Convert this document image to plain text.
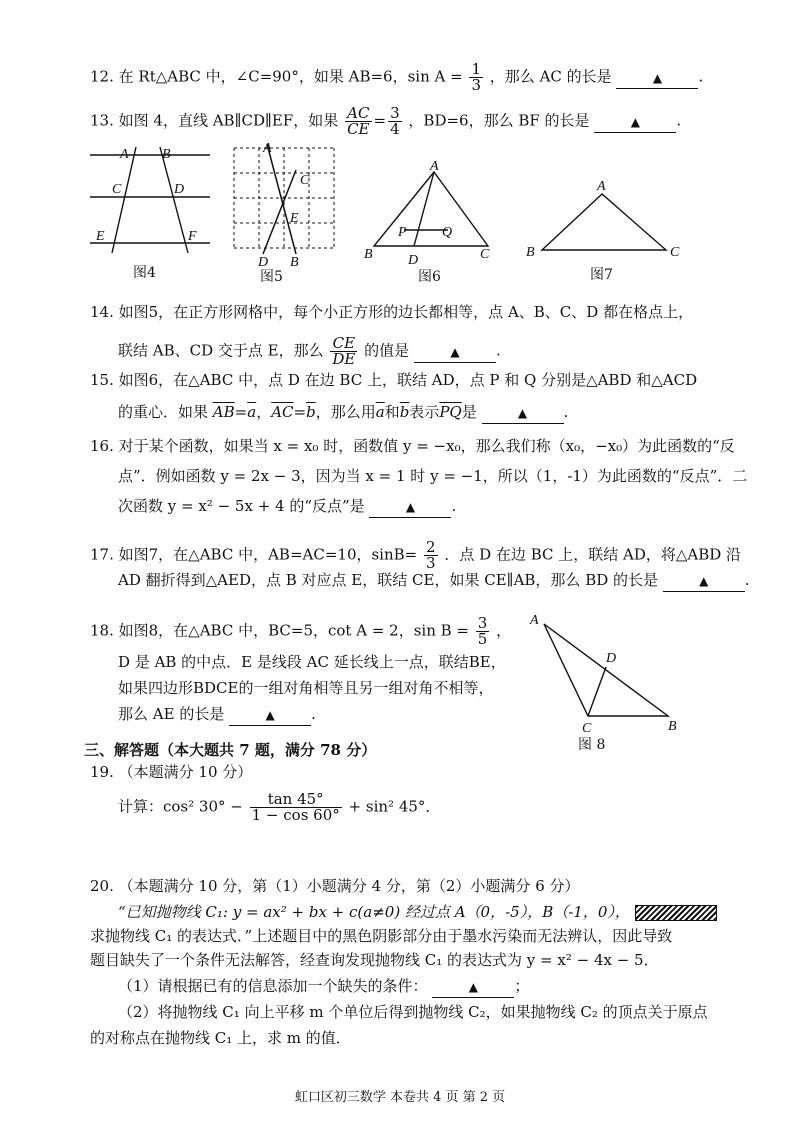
12. 在 Rt△ABC 中，∠C=90°，如果 AB=6，$\sin A = \frac{1}{3}$ ，那么 AC 的长是	▲ .
13. 如图 4，直线 AB∥CD∥EF，如果 $\frac{AC}{CE} = \frac{3}{4}$ ，BD=6，那么 BF 的长是	▲ .
A B
C	D
E	F
图4
A
C
E
D B
图5
A
P	Q
B	D	C
图6
A
B	C
图7
14. 如图5，在正方形网格中，每个小正方形的边长都相等，点 A、B、C、D 都在格点上，
联结 AB、CD 交于点 E，那么 $\frac{CE}{DE}$ 的值是	▲ .
15. 如图6，在△ABC 中，点 D 在边 BC 上，联结 AD，点 P 和 Q 分别是△ABD 和△ACD
的重心．如果 $\overline{AB}=\overline{a}$，$\overline{AC}=\overline{b}$，那么用$\overline{a}$和$\overline{b}$表示$\overline{PQ}$是	▲ .
16. 对于某个函数，如果当 x = x₀ 时，函数值 y = −x₀，那么我们称（x₀，−x₀）为此函数的“反
点”．例如函数 y = 2x − 3，因为当 x = 1 时 y = −1，所以（1，-1）为此函数的“反点”．二
次函数 y = x² − 5x + 4 的“反点”是	▲ .
17. 如图7，在△ABC 中，AB=AC=10，$\sin B= \frac{2}{3}$ ．点 D 在边 BC 上，联结 AD，将△ABD 沿
AD 翻折得到△AED，点 B 对应点 E，联结 CE，如果 CE∥AB，那么 BD 的长是	▲ .
18. 如图8，在△ABC 中，BC=5，cot A = 2，$\sin B = \frac{3}{5}$ ，
D 是 AB 的中点．E 是线段 AC 延长线上一点，联结BE，
如果四边形BDCE的一组对角相等且另一组对角不相等，
那么 AE 的长是	▲ .
A
D
C	B
图 8
三、解答题（本大题共 7 题，满分 78 分）
19. （本题满分 10 分）
计算：cos² $30^\circ - \frac{\tan 45^\circ}{1 - \cos 60^\circ} + \sin^2$ 45°．
20. （本题满分 10 分，第（1）小题满分 4 分，第（2）小题满分 6 分）
“已知抛物线 C₁: y = ax² + bx + c(a≠0) 经过点 A（0，-5），B（-1，0），
求抛物线 C₁ 的表达式．”上述题目中的黑色阴影部分由于墨水污染而无法辨认，因此导致
题目缺失了一个条件无法解答，经查询发现抛物线 C₁ 的表达式为 y = x² − 4x − 5．
（1）请根据已有的信息添加一个缺失的条件：	▲ ；
（2）将抛物线 C₁ 向上平移 m 个单位后得到抛物线 C₂，如果抛物线 C₂ 的顶点关于原点
的对称点在抛物线 C₁ 上，求 m 的值．
虹口区初三数学 本卷共 4 页 第 2 页
